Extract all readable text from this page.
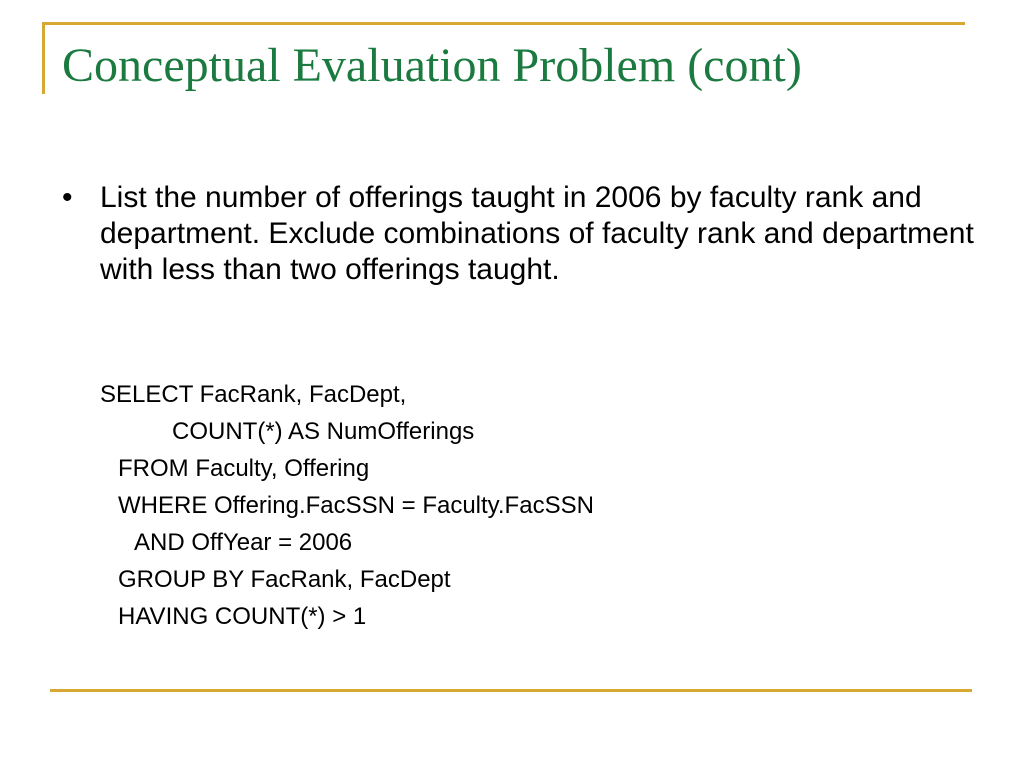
Conceptual Evaluation Problem (cont)
• List the number of offerings taught in 2006 by faculty rank and department. Exclude combinations of faculty rank and department with less than two offerings taught.
SELECT FacRank, FacDept,
COUNT(*) AS NumOfferings
FROM Faculty, Offering
WHERE Offering.FacSSN = Faculty.FacSSN
AND OffYear = 2006
GROUP BY FacRank, FacDept
HAVING COUNT(*) > 1
